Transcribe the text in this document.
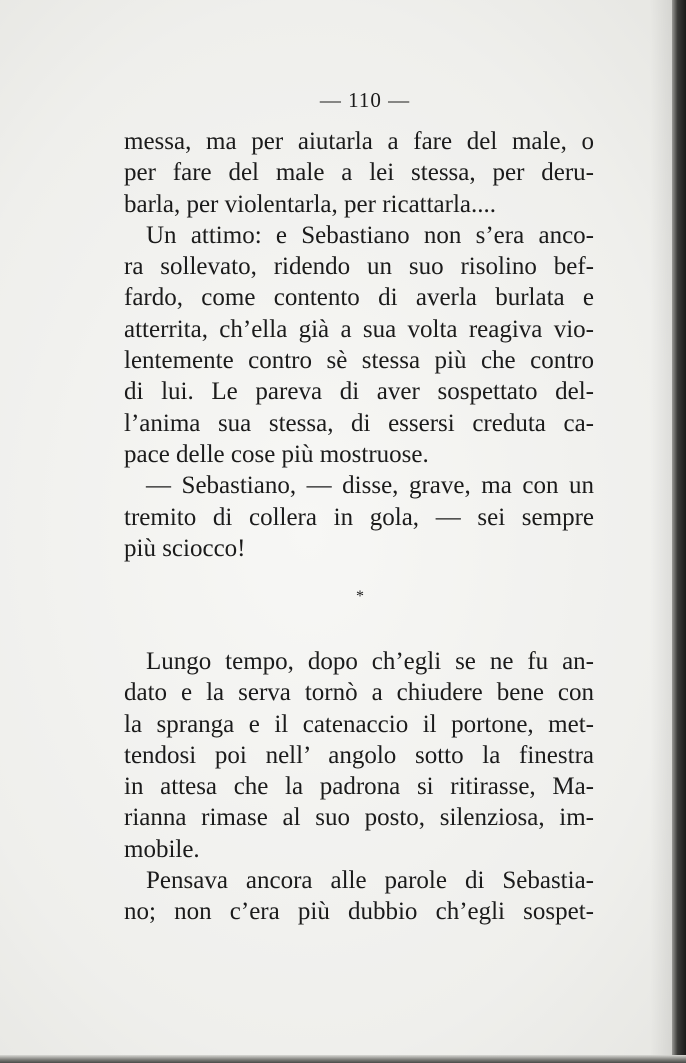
— 110 —
messa, ma per aiutarla a fare del male, o
per fare del male a lei stessa, per deru-
barla, per violentarla, per ricattarla....
Un attimo: e Sebastiano non s’era anco-
ra sollevato, ridendo un suo risolino bef-
fardo, come contento di averla burlata e
atterrita, ch’ella già a sua volta reagiva vio-
lentemente contro sè stessa più che contro
di lui. Le pareva di aver sospettato del-
l’anima sua stessa, di essersi creduta ca-
pace delle cose più mostruose.
— Sebastiano, — disse, grave, ma con un
tremito di collera in gola, — sei sempre
più sciocco!
*
Lungo tempo, dopo ch’egli se ne fu an-
dato e la serva tornò a chiudere bene con
la spranga e il catenaccio il portone, met-
tendosi poi nell’ angolo sotto la finestra
in attesa che la padrona si ritirasse, Ma-
rianna rimase al suo posto, silenziosa, im-
mobile.
Pensava ancora alle parole di Sebastia-
no; non c’era più dubbio ch’egli sospet-
